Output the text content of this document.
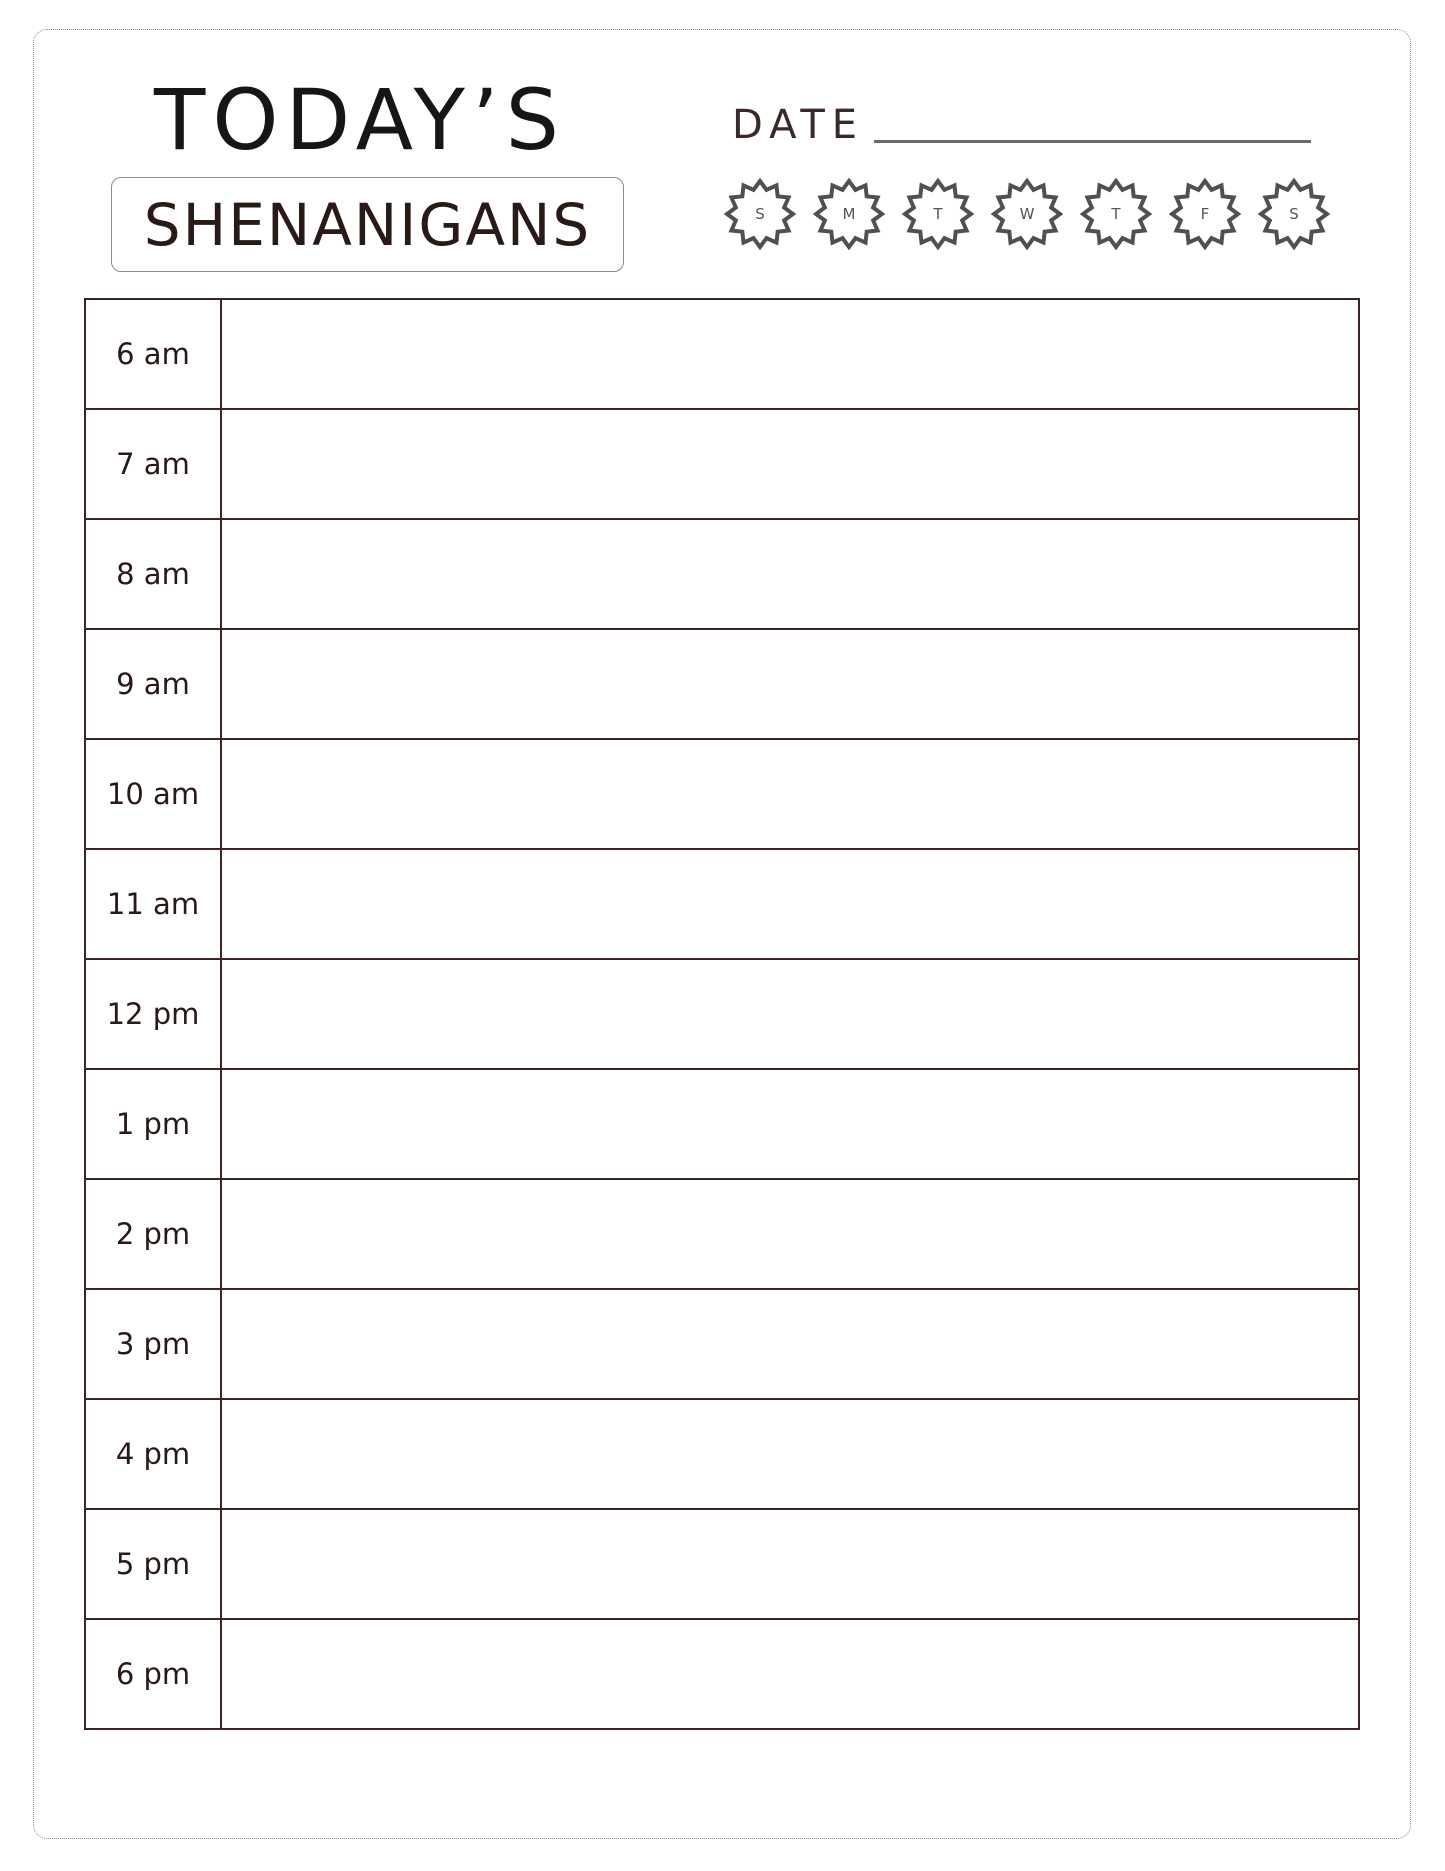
TODAY’S
SHENANIGANS
DATE
S	M	T	W	T	F	S
6 am	
7 am	
8 am	
9 am	
10 am	
11 am	
12 pm	
1 pm	
2 pm	
3 pm	
4 pm	
5 pm	
6 pm	
